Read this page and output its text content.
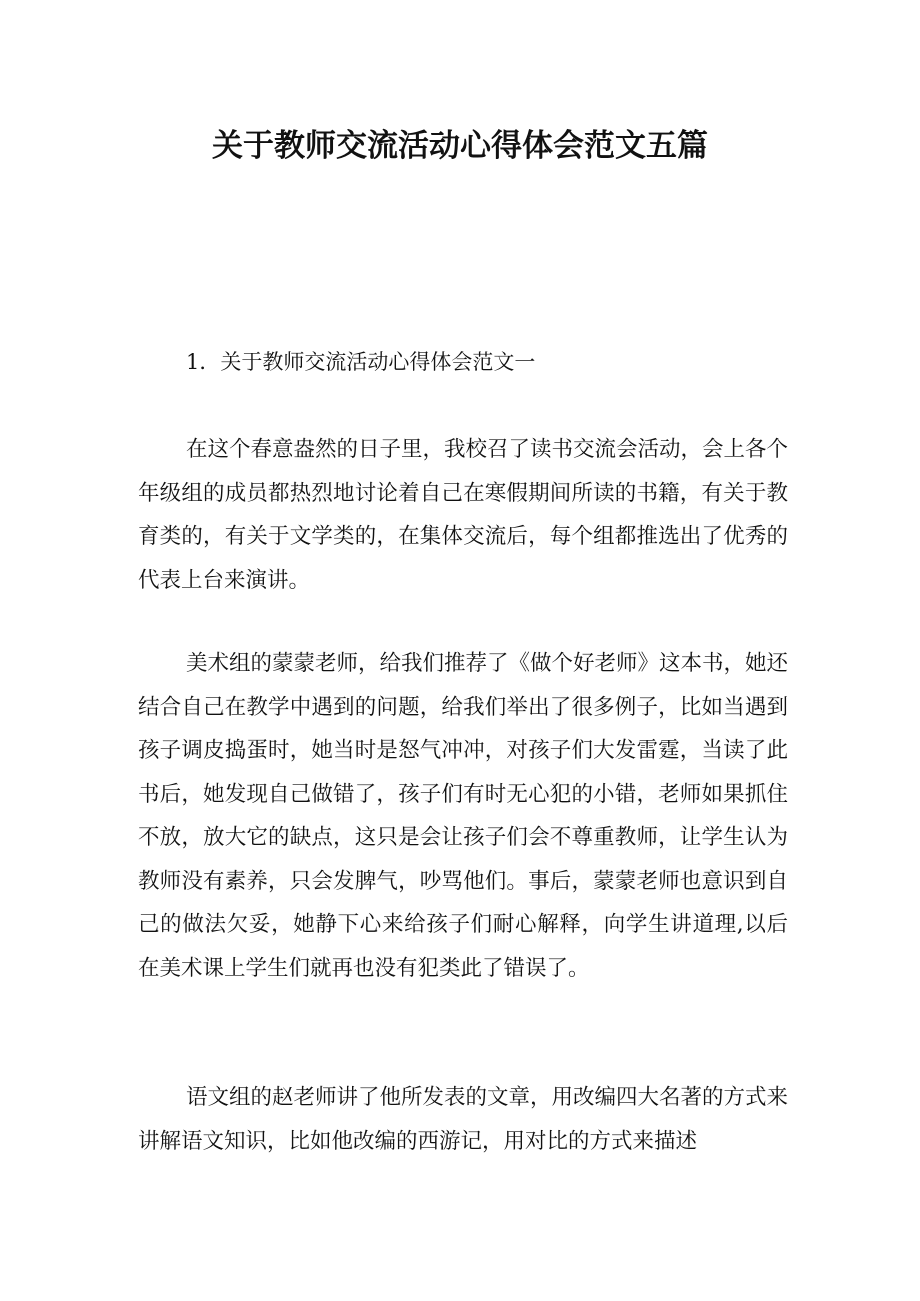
关于教师交流活动心得体会范文五篇
1．关于教师交流活动心得体会范文一

在这个春意盎然的日子里，我校召了读书交流会活动，会上各个年级组的成员都热烈地讨论着自己在寒假期间所读的书籍，有关于教育类的，有关于文学类的，在集体交流后，每个组都推选出了优秀的代表上台来演讲。

美术组的蒙蒙老师，给我们推荐了《做个好老师》这本书，她还结合自己在教学中遇到的问题，给我们举出了很多例子，比如当遇到孩子调皮捣蛋时，她当时是怒气冲冲，对孩子们大发雷霆，当读了此书后，她发现自己做错了，孩子们有时无心犯的小错，老师如果抓住不放，放大它的缺点，这只是会让孩子们会不尊重教师，让学生认为教师没有素养，只会发脾气，吵骂他们。事后，蒙蒙老师也意识到自己的做法欠妥，她静下心来给孩子们耐心解释，向学生讲道理,以后在美术课上学生们就再也没有犯类此了错误了。

语文组的赵老师讲了他所发表的文章，用改编四大名著的方式来讲解语文知识，比如他改编的西游记，用对比的方式来描述
